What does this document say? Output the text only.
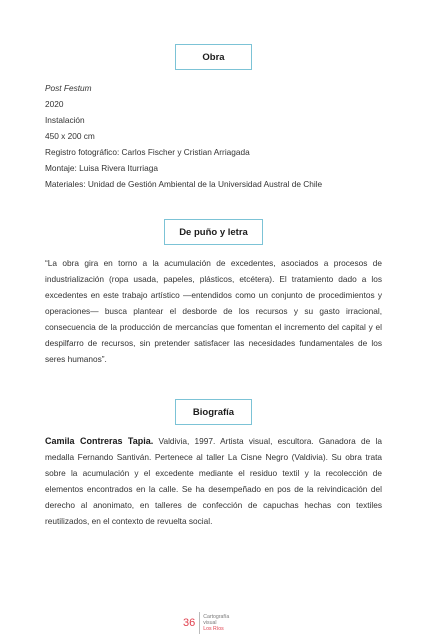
Obra
Post Festum
2020
Instalación
450 x 200 cm
Registro fotográfico: Carlos Fischer y Cristian Arriagada
Montaje: Luisa Rivera Iturriaga
Materiales: Unidad de Gestión Ambiental de la Universidad Austral de Chile
De puño y letra
“La obra gira en torno a la acumulación de excedentes, asociados a procesos de industrialización (ropa usada, papeles, plásticos, etcétera). El tratamiento dado a los excedentes en este trabajo artístico —entendidos como un conjunto de procedimientos y operaciones— busca plantear el desborde de los recursos y su gasto irracional, consecuencia de la producción de mercancías que fomentan el incremento del capital y el despilfarro de recursos, sin pretender satisfacer las necesidades fundamentales de los seres humanos”.
Biografía
Camila Contreras Tapia. Valdivia, 1997. Artista visual, escultora. Ganadora de la medalla Fernando Santiván. Pertenece al taller La Cisne Negro (Valdivia). Su obra trata sobre la acumulación y el excedente mediante el residuo textil y la recolección de elementos encontrados en la calle. Se ha desempeñado en pos de la reivindicación del derecho al anonimato, en talleres de confección de capuchas hechas con textiles reutilizados, en el contexto de revuelta social.
36
Cartografía
visual
Los Ríos
